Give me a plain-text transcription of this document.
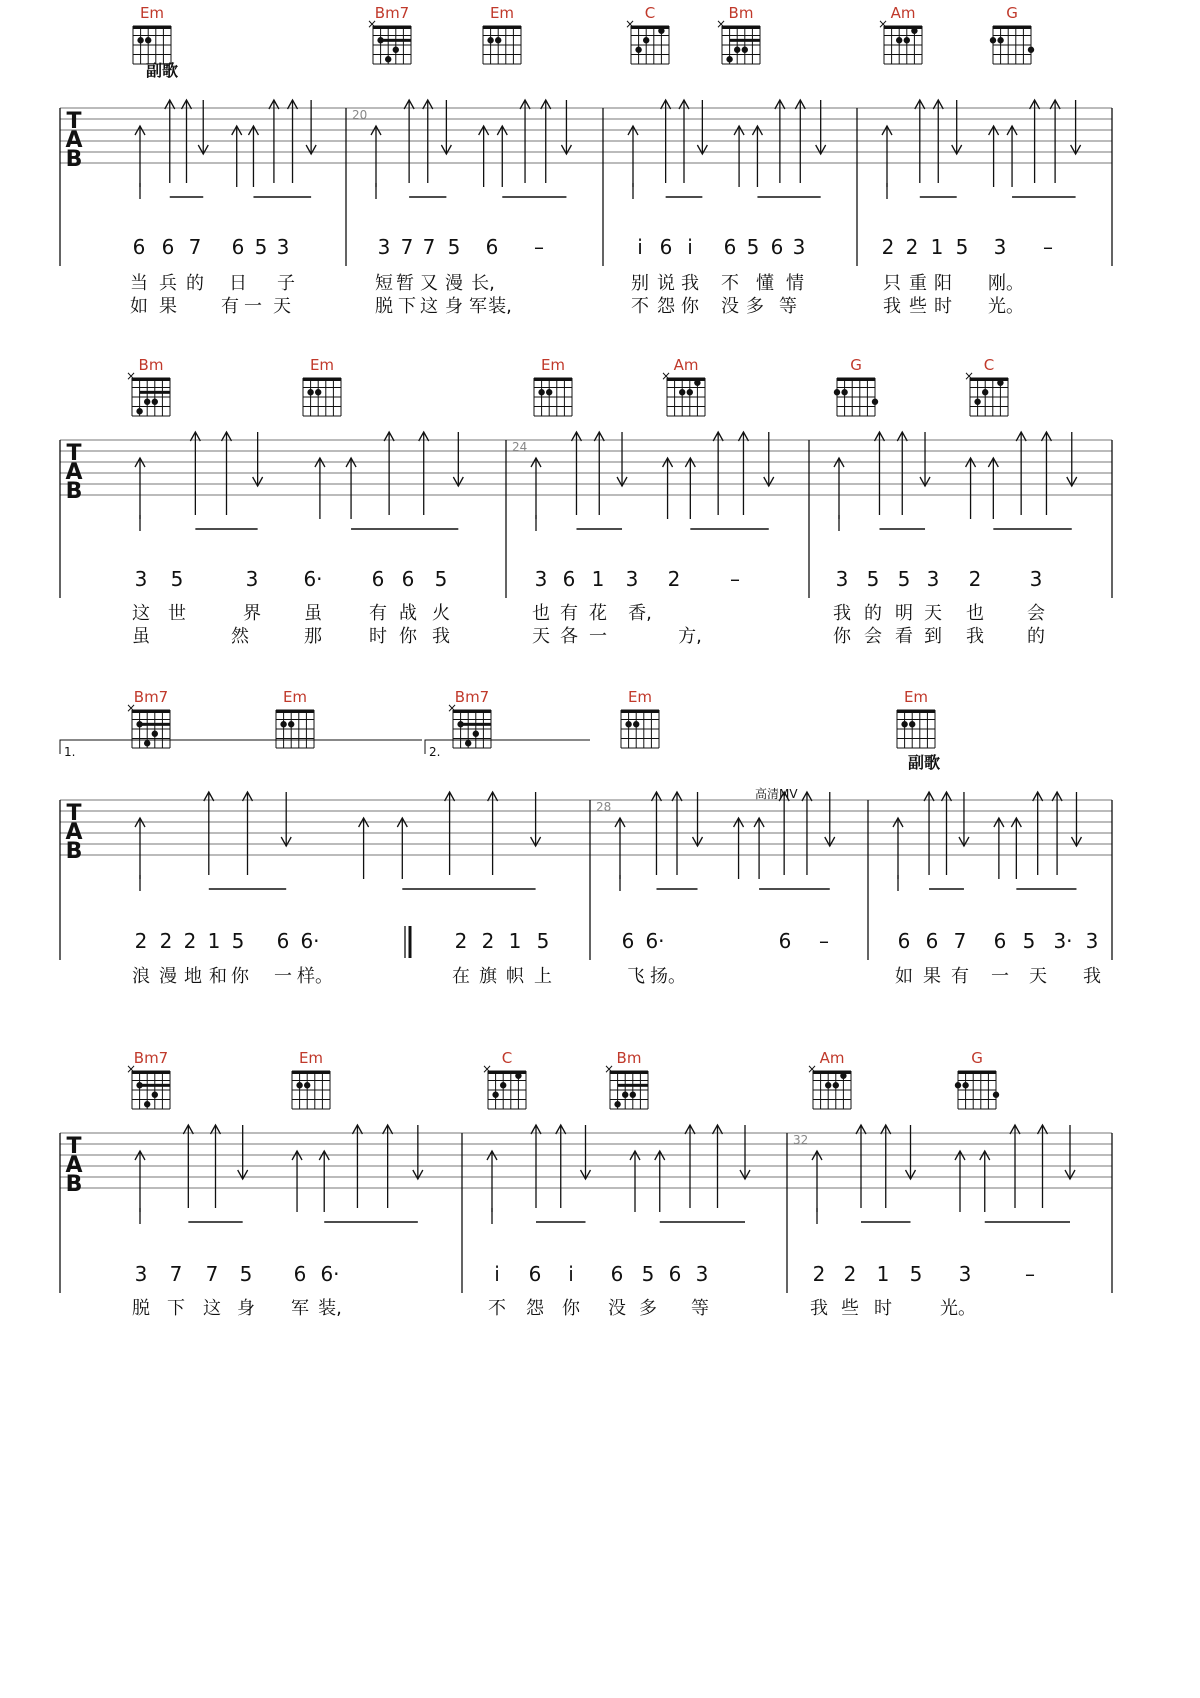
Em	Bm7
×
Em	C
×
Bm
×
Am
×
G
Bm
×
Em	Em	Am
×
G	C
×
Bm7
×
Em	Bm7
×
Em	Em
Bm7
×
Em	C
×
Bm
×
Am
×
G
T
A
B
20
副歌
6 6 7 6 5 3	3 7 7 5 6 –	i 6 i 6 5 6 3	2 2 1 5 3 –
当 兵 的 日 子	短 暂 又 漫 长,	别 说 我 不 懂 情	只 重 阳 刚。
如 果 有 一 天	脱 下 这 身 军 装,	不 怨 你 没 多 等	我 些 时 光。
T
A
B
24
3 5	3 6· 6 6 5	3 6 1 3 2 –	3 5 5 3 2 3
这 世	界 虽	有 战 火	也 有 花 香,	我 的 明 天 也 会
虽	然	那	时 你 我	天 各 一	方,	你 会 看 到 我 的
T
A
B
28
副歌
2 2 2 1 5 6 6·	2 2 1 5	6 6·	6 –	6 6 7 6 5 3· 3
浪 漫 地 和 你 一 样。	在 旗 帜 上	飞 扬。	如 果 有 一 天 我
T
A
B
32
3 7 7 5 6 6·	i 6 i 6 5 6 3	2 2 1 5 3	–
脱 下 这 身 军 装,	不 怨 你 没 多 等	我 些 时	光。
1.	2.
高清MV
